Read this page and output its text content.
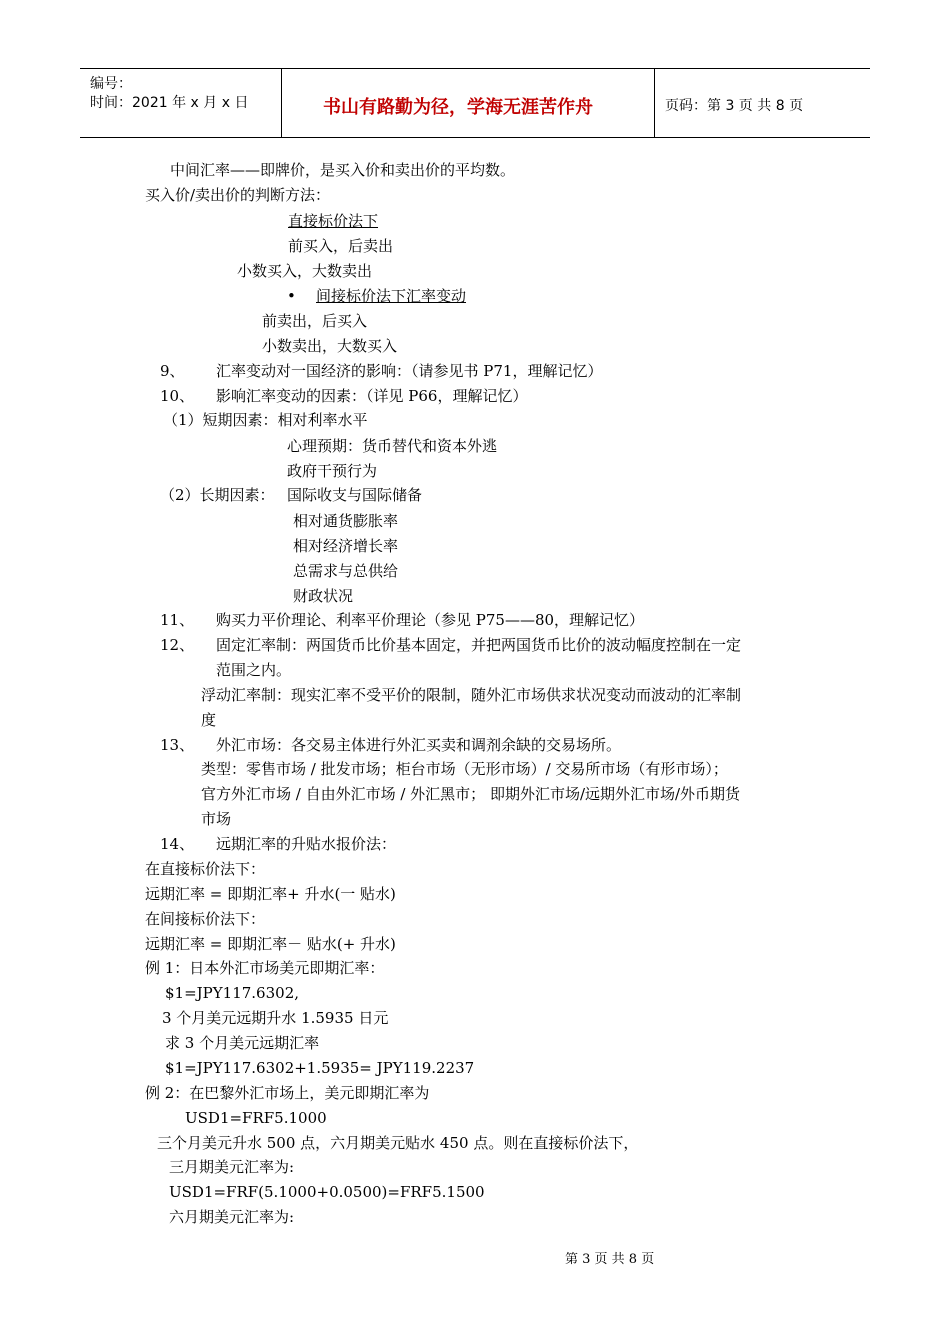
编号：
时间：2021 年 x 月 x 日	书山有路勤为径，学海无涯苦作舟	页码：第 3 页 共 8 页
中间汇率——即牌价，是买入价和卖出价的平均数。
买入价/卖出价的判断方法：
直接标价法下
前买入，后卖出
小数买入，大数卖出
• 间接标价法下汇率变动
前卖出，后买入
小数卖出，大数买入
9、 汇率变动对一国经济的影响：（请参见书 P71，理解记忆）
10、 影响汇率变动的因素：（详见 P66，理解记忆）
（1）短期因素：相对利率水平
心理预期：货币替代和资本外逃
政府干预行为
（2）长期因素： 国际收支与国际储备
相对通货膨胀率
相对经济增长率
总需求与总供给
财政状况
11、 购买力平价理论、利率平价理论（参见 P75——80，理解记忆）
12、 固定汇率制：两国货币比价基本固定，并把两国货币比价的波动幅度控制在一定
范围之内。
浮动汇率制：现实汇率不受平价的限制，随外汇市场供求状况变动而波动的汇率制
度
13、 外汇市场：各交易主体进行外汇买卖和调剂余缺的交易场所。
类型：零售市场 / 批发市场；柜台市场（无形市场）/ 交易所市场（有形市场）；
官方外汇市场 / 自由外汇市场 / 外汇黑市； 即期外汇市场/远期外汇市场/外币期货
市场
14、 远期汇率的升贴水报价法：
在直接标价法下：
远期汇率 = 即期汇率+ 升水(一 贴水)
在间接标价法下：
远期汇率 = 即期汇率－ 贴水(+ 升水)
例 1：日本外汇市场美元即期汇率：
$1=JPY117.6302,
3 个月美元远期升水 1.5935 日元
求 3 个月美元远期汇率
$1=JPY117.6302+1.5935= JPY119.2237
例 2：在巴黎外汇市场上，美元即期汇率为
USD1=FRF5.1000
三个月美元升水 500 点，六月期美元贴水 450 点。则在直接标价法下，
三月期美元汇率为:
USD1=FRF(5.1000+0.0500)=FRF5.1500
六月期美元汇率为:
第 3 页 共 8 页
